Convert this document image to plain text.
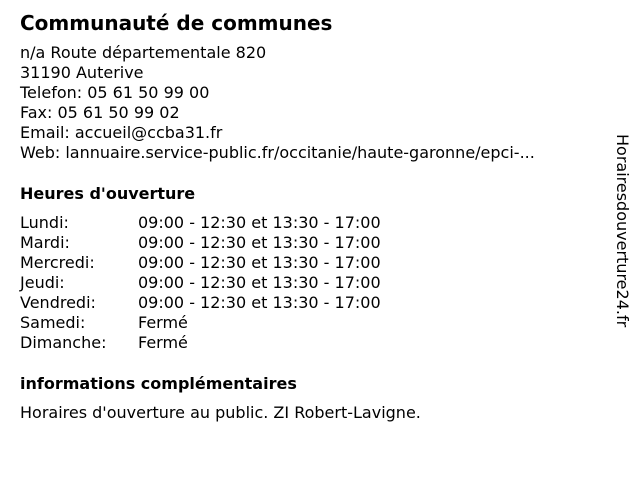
Communauté de communes
n/a Route départementale 820
31190 Auterive
Telefon: 05 61 50 99 00
Fax: 05 61 50 99 02
Email: accueil@ccba31.fr
Web: lannuaire.service-public.fr/occitanie/haute-garonne/epci-...
Heures d'ouverture
Lundi:	09:00 - 12:30 et 13:30 - 17:00
Mardi:	09:00 - 12:30 et 13:30 - 17:00
Mercredi:	09:00 - 12:30 et 13:30 - 17:00
Jeudi:	09:00 - 12:30 et 13:30 - 17:00
Vendredi:	09:00 - 12:30 et 13:30 - 17:00
Samedi:	Fermé
Dimanche: Fermé
informations complémentaires
Horaires d'ouverture au public. ZI Robert-Lavigne.
Horairesdouverture24.fr
